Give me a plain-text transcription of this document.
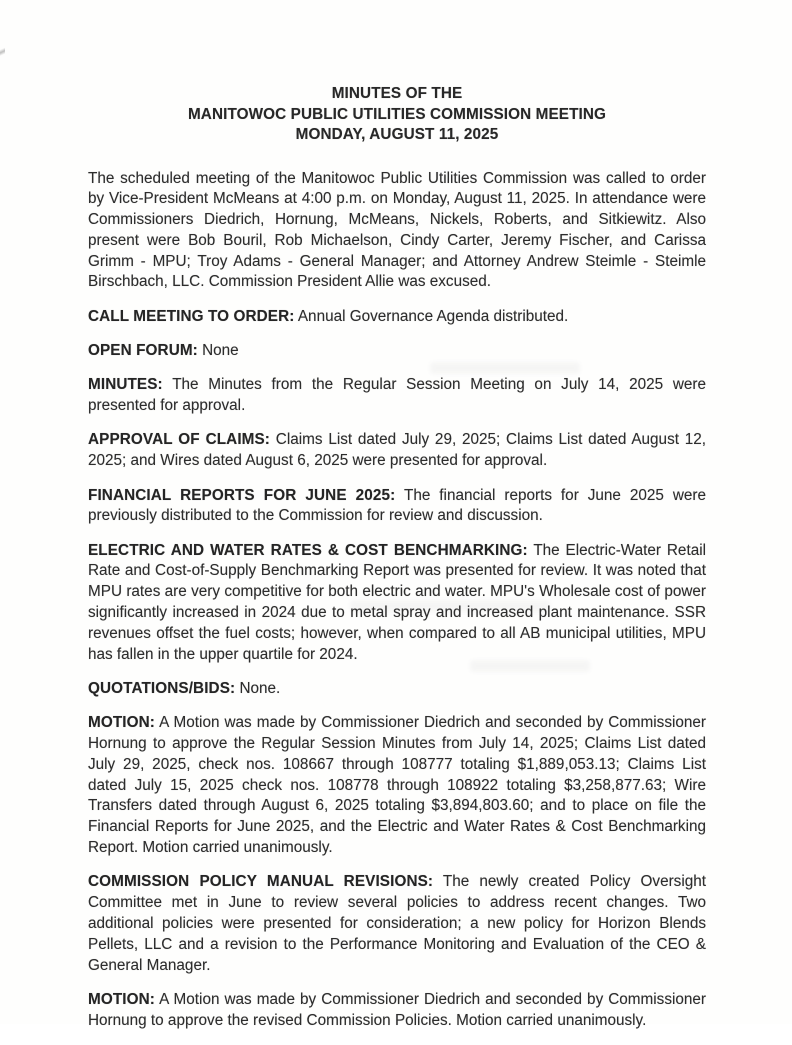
MINUTES OF THE
MANITOWOC PUBLIC UTILITIES COMMISSION MEETING
MONDAY, AUGUST 11, 2025

The scheduled meeting of the Manitowoc Public Utilities Commission was called to order by Vice-President McMeans at 4:00 p.m. on Monday, August 11, 2025. In attendance were Commissioners Diedrich, Hornung, McMeans, Nickels, Roberts, and Sitkiewitz. Also present were Bob Bouril, Rob Michaelson, Cindy Carter, Jeremy Fischer, and Carissa Grimm - MPU; Troy Adams - General Manager; and Attorney Andrew Steimle - Steimle Birschbach, LLC. Commission President Allie was excused.

CALL MEETING TO ORDER: Annual Governance Agenda distributed.

OPEN FORUM: None

MINUTES: The Minutes from the Regular Session Meeting on July 14, 2025 were presented for approval.

APPROVAL OF CLAIMS: Claims List dated July 29, 2025; Claims List dated August 12, 2025; and Wires dated August 6, 2025 were presented for approval.

FINANCIAL REPORTS FOR JUNE 2025: The financial reports for June 2025 were previously distributed to the Commission for review and discussion.

ELECTRIC AND WATER RATES & COST BENCHMARKING: The Electric-Water Retail Rate and Cost-of-Supply Benchmarking Report was presented for review. It was noted that MPU rates are very competitive for both electric and water. MPU's Wholesale cost of power significantly increased in 2024 due to metal spray and increased plant maintenance. SSR revenues offset the fuel costs; however, when compared to all AB municipal utilities, MPU has fallen in the upper quartile for 2024.

QUOTATIONS/BIDS: None.

MOTION: A Motion was made by Commissioner Diedrich and seconded by Commissioner Hornung to approve the Regular Session Minutes from July 14, 2025; Claims List dated July 29, 2025, check nos. 108667 through 108777 totaling $1,889,053.13; Claims List dated July 15, 2025 check nos. 108778 through 108922 totaling $3,258,877.63; Wire Transfers dated through August 6, 2025 totaling $3,894,803.60; and to place on file the Financial Reports for June 2025, and the Electric and Water Rates & Cost Benchmarking Report. Motion carried unanimously.

COMMISSION POLICY MANUAL REVISIONS: The newly created Policy Oversight Committee met in June to review several policies to address recent changes. Two additional policies were presented for consideration; a new policy for Horizon Blends Pellets, LLC and a revision to the Performance Monitoring and Evaluation of the CEO & General Manager.

MOTION: A Motion was made by Commissioner Diedrich and seconded by Commissioner Hornung to approve the revised Commission Policies. Motion carried unanimously.
